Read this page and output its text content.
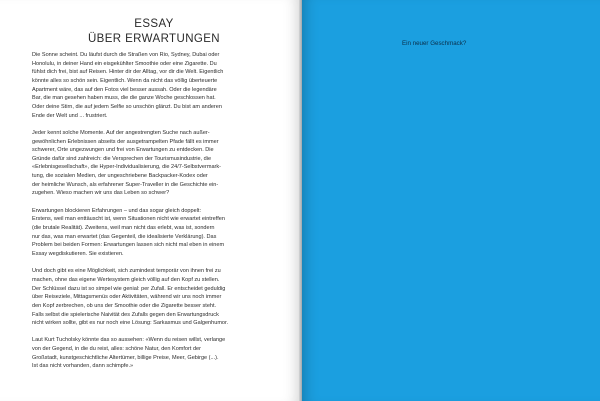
ESSAY
ÜBER ERWARTUNGEN
Die Sonne scheint. Du läufst durch die Straßen von Rio, Sydney, Dubai oder
Honolulu, in deiner Hand ein eisgekühlter Smoothie oder eine Zigarette. Du
fühlst dich frei, bist auf Reisen. Hinter dir der Alltag, vor dir die Welt. Eigentlich
könnte alles so schön sein. Eigentlich. Wenn da nicht das völlig überteuerte
Apartment wäre, das auf den Fotos viel besser aussah. Oder die legendäre
Bar, die man gesehen haben muss, die die ganze Woche geschlossen hat.
Oder deine Stirn, die auf jedem Selfie so unschön glänzt. Du bist am anderen
Ende der Welt und ... frustriert.
Jeder kennt solche Momente. Auf der angestrengten Suche nach außer-
gewöhnlichen Erlebnissen abseits der ausgetrampelten Pfade fällt es immer
schwerer, Orte ungezwungen und frei von Erwartungen zu entdecken. Die
Gründe dafür sind zahlreich: die Versprechen der Tourismusindustrie, die
«Erlebnisgesellschaft», die Hyper-Individualisierung, die 24/7-Selbstvermark-
tung, die sozialen Medien, der ungeschriebene Backpacker-Kodex oder
der heimliche Wunsch, als erfahrener Super-Traveller in die Geschichte ein-
zugehen. Wieso machen wir uns das Leben so schwer?
Erwartungen blockieren Erfahrungen – und das sogar gleich doppelt:
Erstens, weil man enttäuscht ist, wenn Situationen nicht wie erwartet eintreffen
(die brutale Realität). Zweitens, weil man nicht das erlebt, was ist, sondern
nur das, was man erwartet (das Gegenteil, die idealisierte Verklärung). Das
Problem bei beiden Formen: Erwartungen lassen sich nicht mal eben in einem
Essay wegdiskutieren. Sie existieren.
Und doch gibt es eine Möglichkeit, sich zumindest temporär von ihnen frei zu
machen, ohne das eigene Wertesystem gleich völlig auf den Kopf zu stellen.
Der Schlüssel dazu ist so simpel wie genial: per Zufall. Er entscheidet geduldig
über Reiseziele, Mittagsmenüs oder Aktivitäten, während wir uns noch immer
den Kopf zerbrechen, ob uns der Smoothie oder die Zigarette besser steht.
Falls selbst die spielerische Naivität des Zufalls gegen den Erwartungsdruck
nicht wirken sollte, gibt es nur noch eine Lösung: Sarkasmus und Galgenhumor.
Laut Kurt Tucholsky könnte das so aussehen: «Wenn du reisen willst, verlange
von der Gegend, in die du reist, alles: schöne Natur, den Komfort der
Großstadt, kunstgeschichtliche Altertümer, billige Preise, Meer, Gebirge (...).
Ist das nicht vorhanden, dann schimpfe.»
Ein neuer Geschmack?
